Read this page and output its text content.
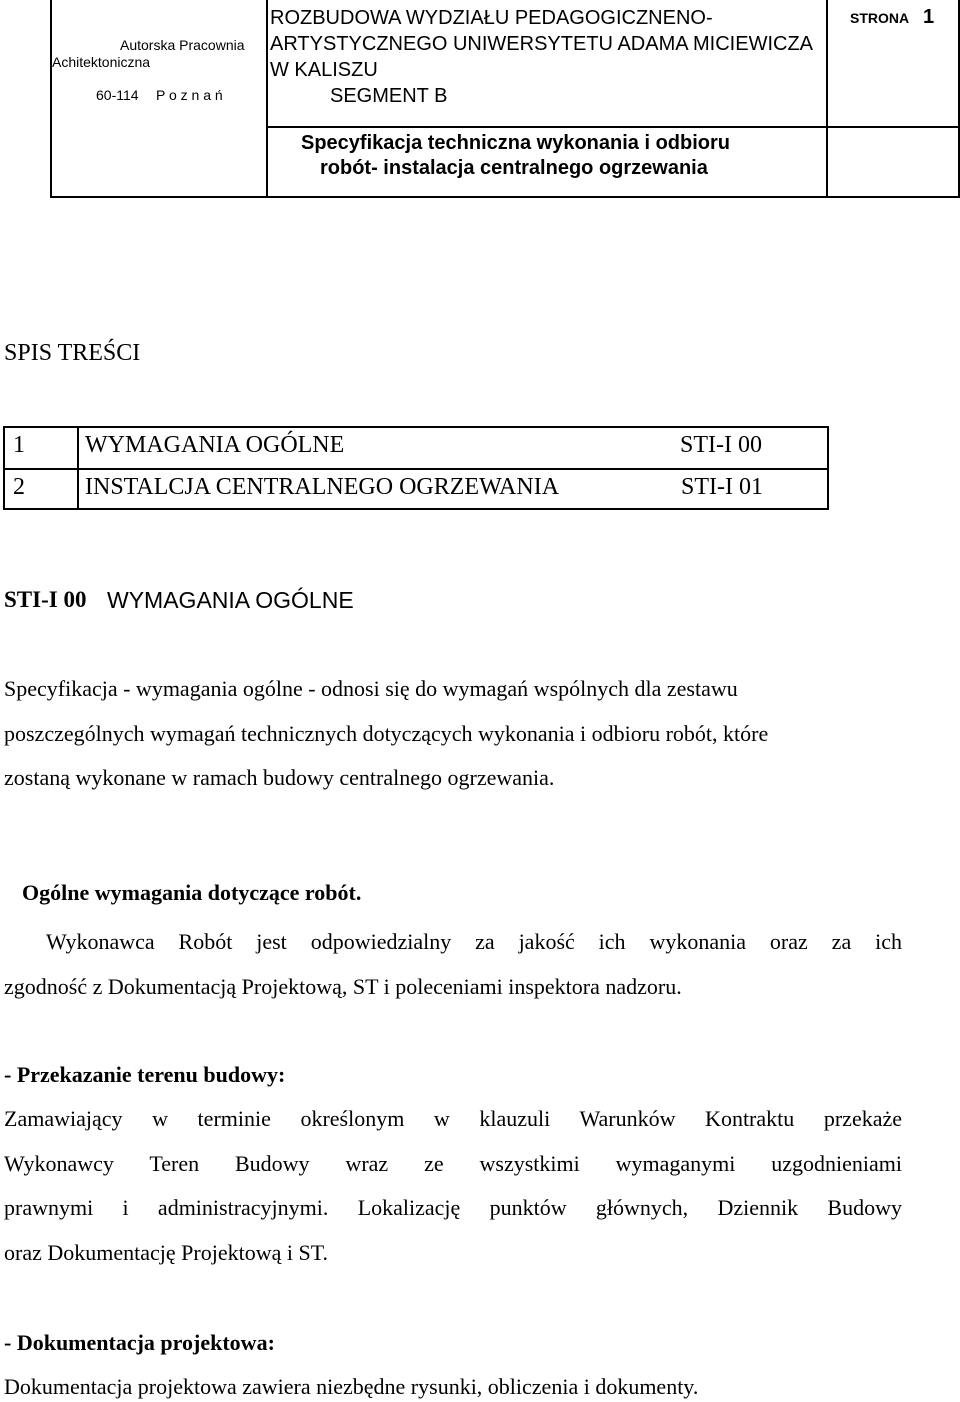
Autorska Pracownia
Achitektoniczna
60-114 P o z n a ń
ROZBUDOWA WYDZIAŁU PEDAGOGICZNENO-
ARTYSTYCZNEGO UNIWERSYTETU ADAMA MICIEWICZA
W KALISZU
SEGMENT B
STRONA 1
Specyfikacja techniczna wykonania i odbioru
robót- instalacja centralnego ogrzewania
SPIS TREŚCI
1	WYMAGANIA OGÓLNE	STI-I 00
2	INSTALCJA CENTRALNEGO OGRZEWANIA	STI-I 01
STI-I 00 WYMAGANIA OGÓLNE
Specyfikacja - wymagania ogólne - odnosi się do wymagań wspólnych dla zestawu
poszczególnych wymagań technicznych dotyczących wykonania i odbioru robót, które
zostaną wykonane w ramach budowy centralnego ogrzewania.
Ogólne wymagania dotyczące robót.
Wykonawca Robót jest odpowiedzialny za jakość ich wykonania oraz za ich
zgodność z Dokumentacją Projektową, ST i poleceniami inspektora nadzoru.
- Przekazanie terenu budowy:
Zamawiający w terminie określonym w klauzuli Warunków Kontraktu przekaże
Wykonawcy Teren Budowy wraz ze wszystkimi wymaganymi uzgodnieniami
prawnymi i administracyjnymi. Lokalizację punktów głównych, Dziennik Budowy
oraz Dokumentację Projektową i ST.
- Dokumentacja projektowa:
Dokumentacja projektowa zawiera niezbędne rysunki, obliczenia i dokumenty.
